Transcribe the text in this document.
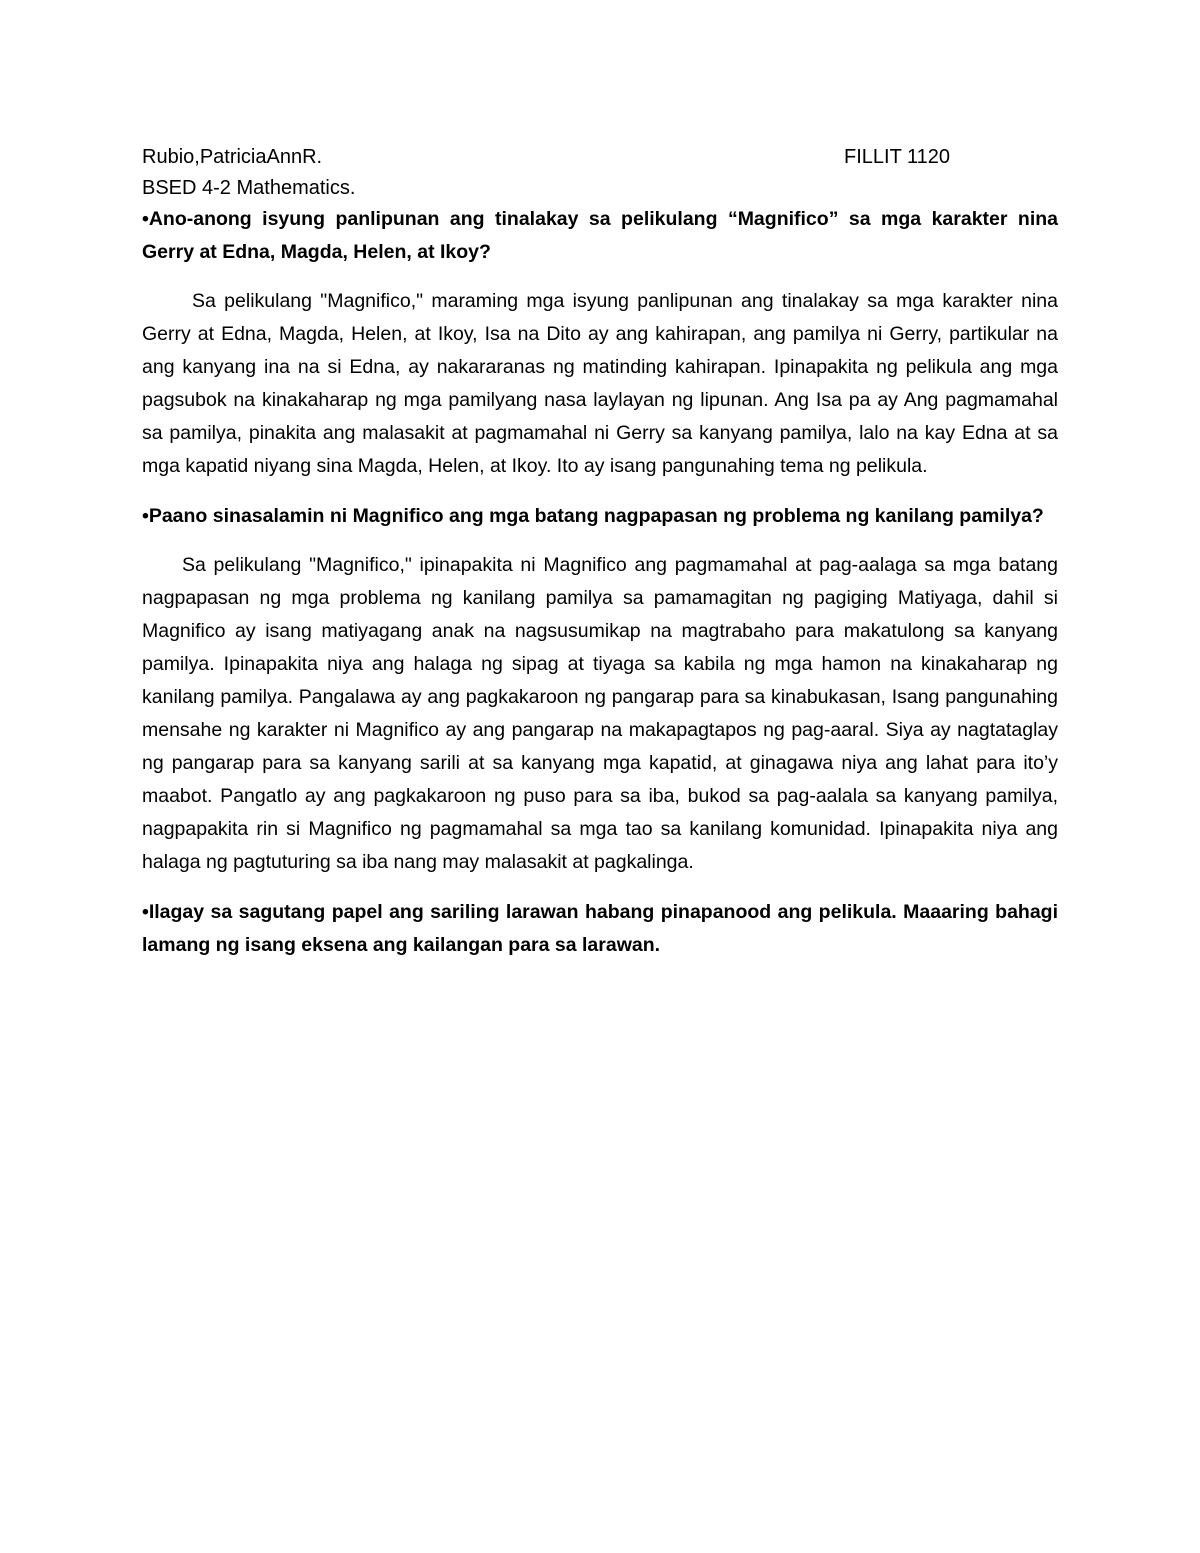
Rubio,PatriciaAnnR.	FILLIT 1120
BSED 4-2 Mathematics.

•Ano-anong isyung panlipunan ang tinalakay sa pelikulang “Magnifico” sa mga karakter nina Gerry at Edna, Magda, Helen, at Ikoy?

Sa pelikulang "Magnifico," maraming mga isyung panlipunan ang tinalakay sa mga karakter nina Gerry at Edna, Magda, Helen, at Ikoy, Isa na Dito ay ang kahirapan, ang pamilya ni Gerry, partikular na ang kanyang ina na si Edna, ay nakararanas ng matinding kahirapan. Ipinapakita ng pelikula ang mga pagsubok na kinakaharap ng mga pamilyang nasa laylayan ng lipunan. Ang Isa pa ay Ang pagmamahal sa pamilya, pinakita ang malasakit at pagmamahal ni Gerry sa kanyang pamilya, lalo na kay Edna at sa mga kapatid niyang sina Magda, Helen, at Ikoy. Ito ay isang pangunahing tema ng pelikula.

•Paano sinasalamin ni Magnifico ang mga batang nagpapasan ng problema ng kanilang pamilya?

Sa pelikulang "Magnifico," ipinapakita ni Magnifico ang pagmamahal at pag-aalaga sa mga batang nagpapasan ng mga problema ng kanilang pamilya sa pamamagitan ng pagiging Matiyaga, dahil si Magnifico ay isang matiyagang anak na nagsusumikap na magtrabaho para makatulong sa kanyang pamilya. Ipinapakita niya ang halaga ng sipag at tiyaga sa kabila ng mga hamon na kinakaharap ng kanilang pamilya. Pangalawa ay ang pagkakaroon ng pangarap para sa kinabukasan, Isang pangunahing mensahe ng karakter ni Magnifico ay ang pangarap na makapagtapos ng pag-aaral. Siya ay nagtataglay ng pangarap para sa kanyang sarili at sa kanyang mga kapatid, at ginagawa niya ang lahat para ito’y maabot. Pangatlo ay ang pagkakaroon ng puso para sa iba, bukod sa pag-aalala sa kanyang pamilya, nagpapakita rin si Magnifico ng pagmamahal sa mga tao sa kanilang komunidad. Ipinapakita niya ang halaga ng pagtuturing sa iba nang may malasakit at pagkalinga.

•Ilagay sa sagutang papel ang sariling larawan habang pinapanood ang pelikula. Maaaring bahagi lamang ng isang eksena ang kailangan para sa larawan.
